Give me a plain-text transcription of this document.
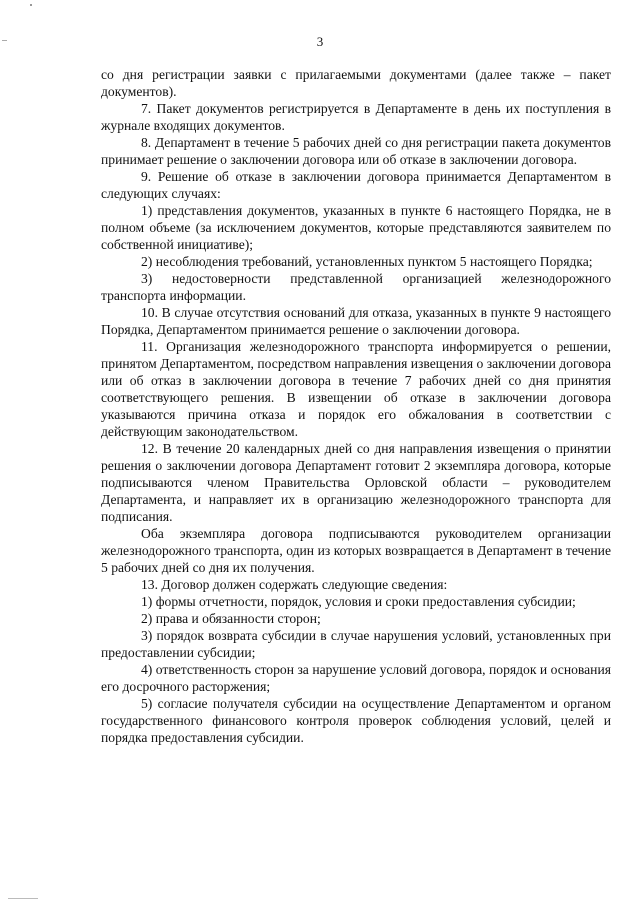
3

со дня регистрации заявки с прилагаемыми документами (далее также – пакет документов).

7. Пакет документов регистрируется в Департаменте в день их поступления в журнале входящих документов.

8. Департамент в течение 5 рабочих дней со дня регистрации пакета документов принимает решение о заключении договора или об отказе в заключении договора.

9. Решение об отказе в заключении договора принимается Департаментом в следующих случаях:

1) представления документов, указанных в пункте 6 настоящего Порядка, не в полном объеме (за исключением документов, которые представляются заявителем по собственной инициативе);

2) несоблюдения требований, установленных пунктом 5 настоящего Порядка;

3) недостоверности представленной организацией железнодорожного транспорта информации.

10. В случае отсутствия оснований для отказа, указанных в пункте 9 настоящего Порядка, Департаментом принимается решение о заключении договора.

11. Организация железнодорожного транспорта информируется о решении, принятом Департаментом, посредством направления извещения о заключении договора или об отказ в заключении договора в течение 7 рабочих дней со дня принятия соответствующего решения. В извещении об отказе в заключении договора указываются причина отказа и порядок его обжалования в соответствии с действующим законодательством.

12. В течение 20 календарных дней со дня направления извещения о принятии решения о заключении договора Департамент готовит 2 экземпляра договора, которые подписываются членом Правительства Орловской области – руководителем Департамента, и направляет их в организацию железнодорожного транспорта для подписания.

Оба экземпляра договора подписываются руководителем организации железнодорожного транспорта, один из которых возвращается в Департамент в течение 5 рабочих дней со дня их получения.

13. Договор должен содержать следующие сведения:

1) формы отчетности, порядок, условия и сроки предоставления субсидии;

2) права и обязанности сторон;

3) порядок возврата субсидии в случае нарушения условий, установленных при предоставлении субсидии;

4) ответственность сторон за нарушение условий договора, порядок и основания его досрочного расторжения;

5) согласие получателя субсидии на осуществление Департаментом и органом государственного финансового контроля проверок соблюдения условий, целей и порядка предоставления субсидии.
